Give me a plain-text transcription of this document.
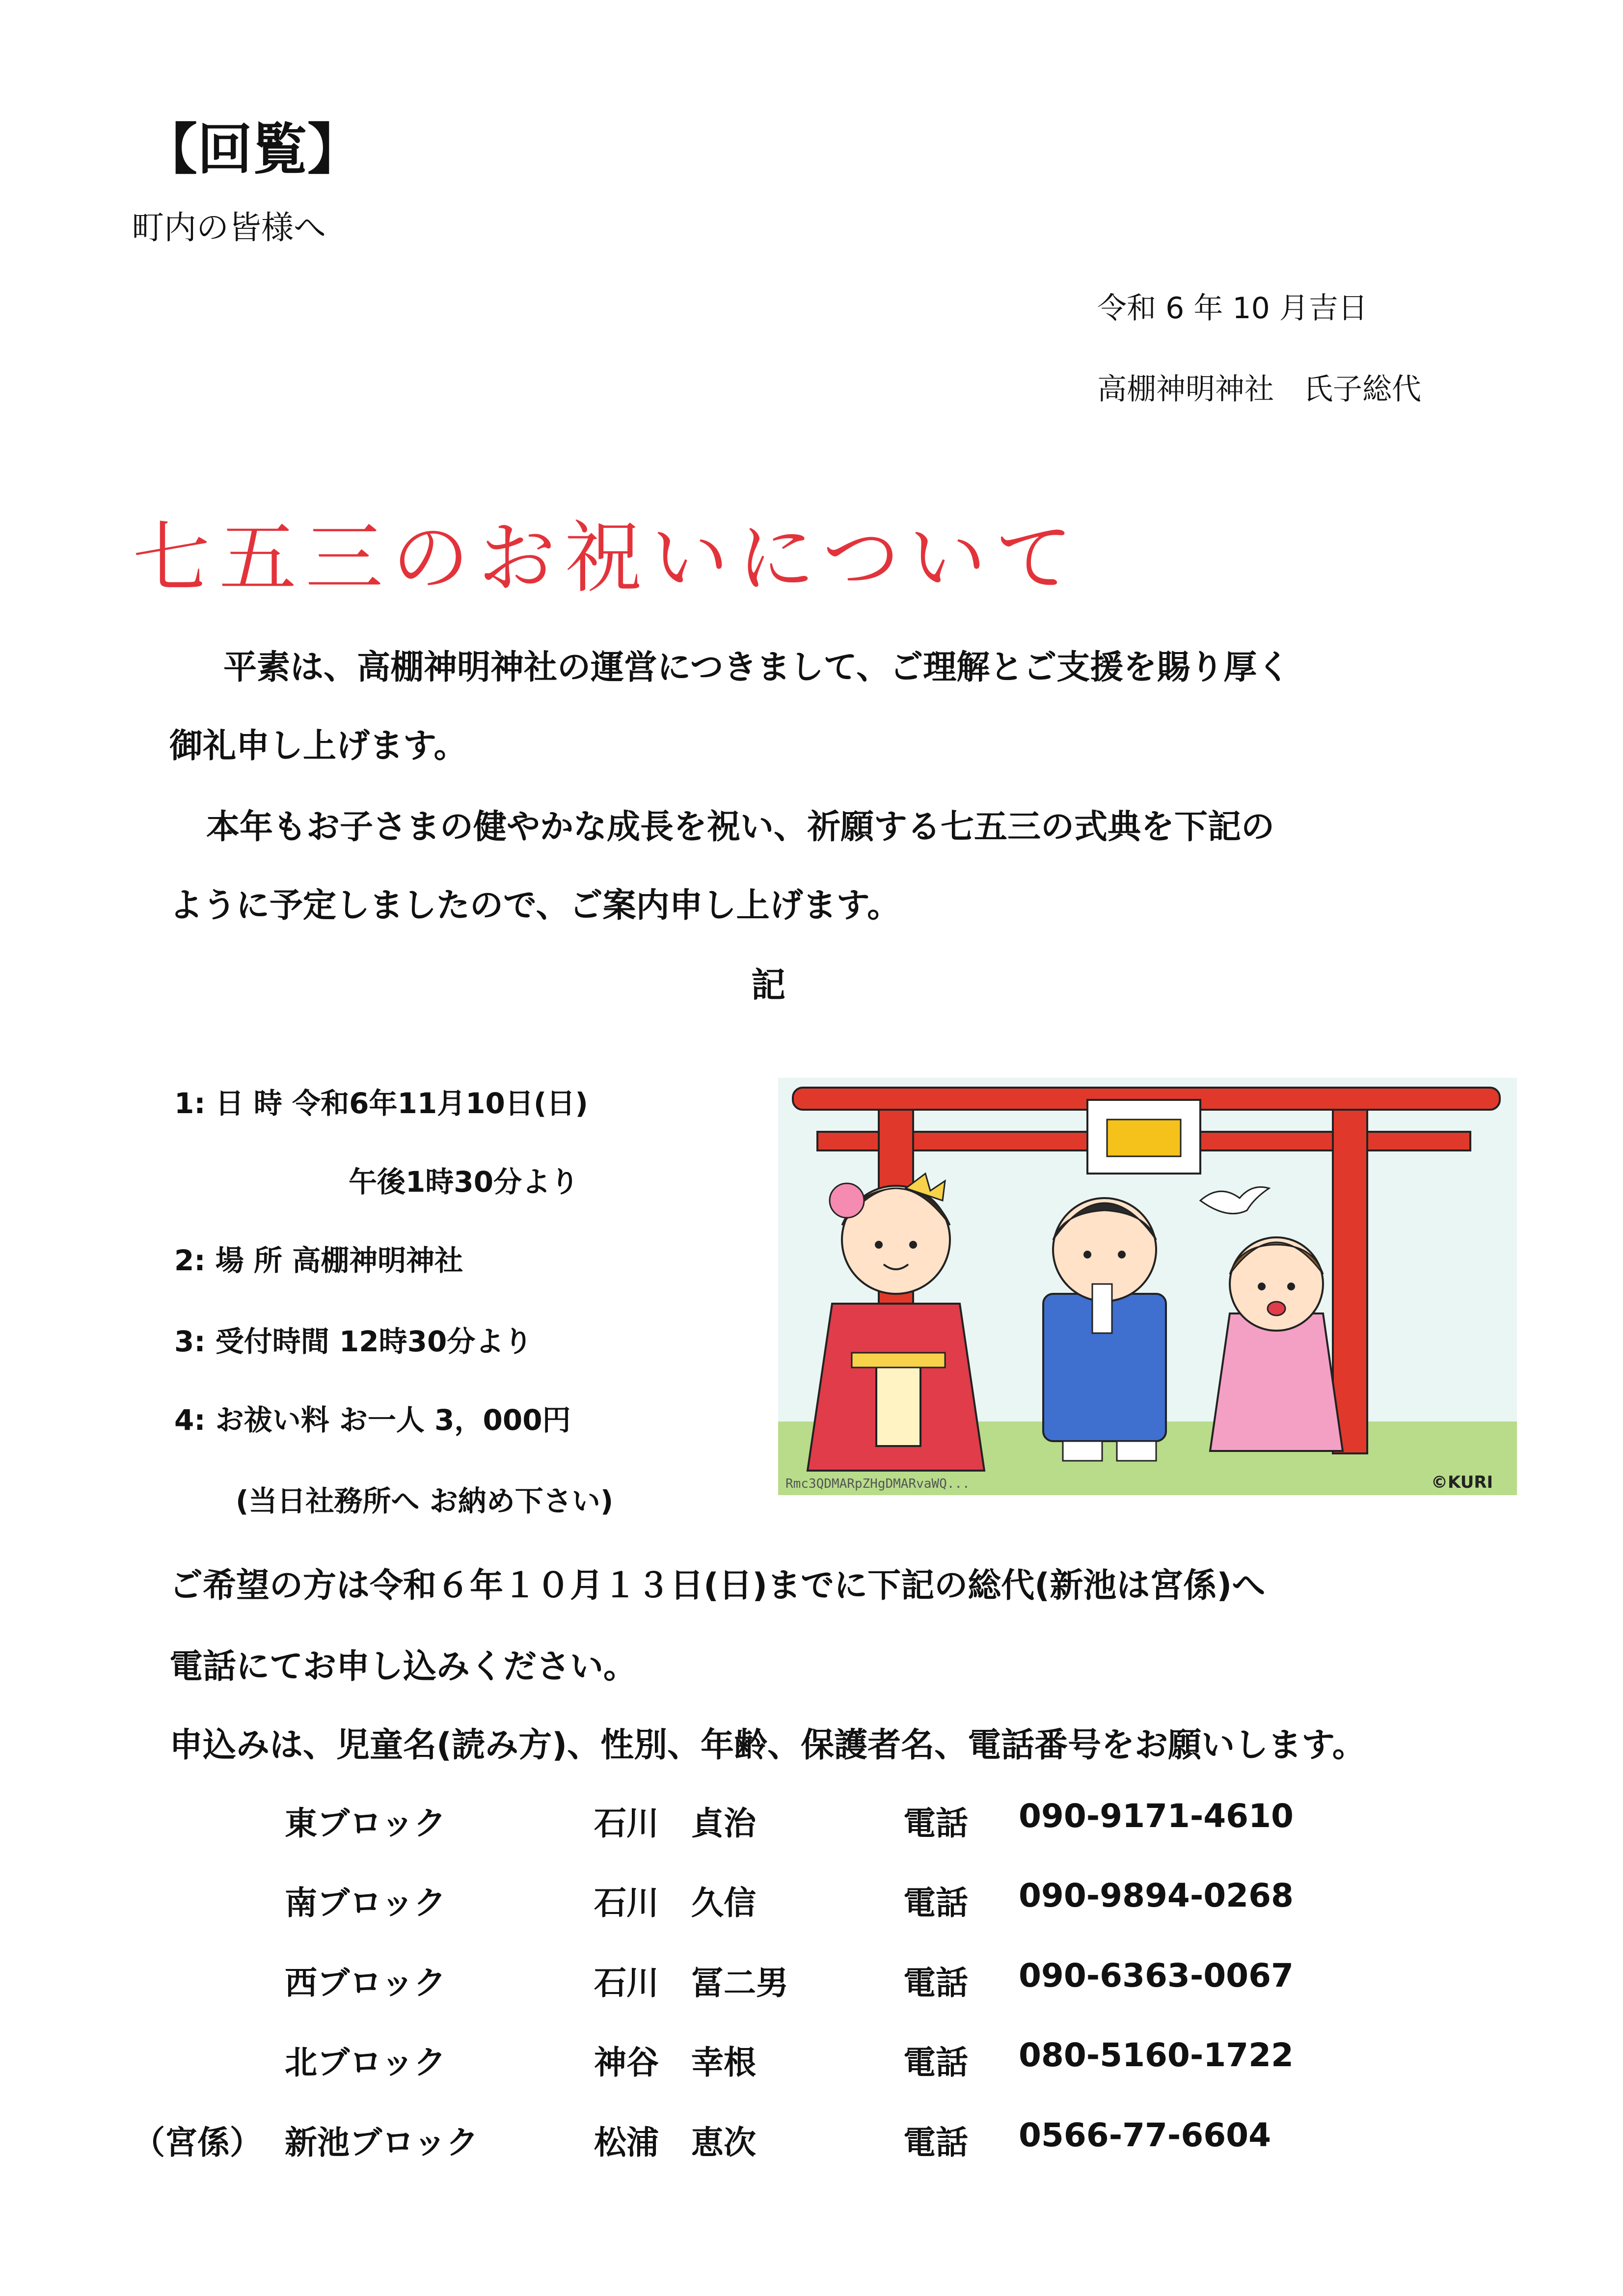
【回覧】
町内の皆様へ
令和 6 年 10 月吉日
高棚神明神社　氏子総代
七五三のお祝いについて
平素は、高棚神明神社の運営につきまして、ご理解とご支援を賜り厚く
御礼申し上げます。
本年もお子さまの健やかな成長を祝い、祈願する七五三の式典を下記の
ように予定しましたので、ご案内申し上げます。
記
1: 日 時 令和6年11月10日(日)
午後1時30分より
2: 場 所 高棚神明神社
3: 受付時間 12時30分より
4: お祓い料 お一人 3，000円
(当日社務所へ お納め下さい)
Rmc3QDMARpZHgDMARvaWQ...	©KURI
ご希望の方は令和６年１０月１３日(日)までに下記の総代(新池は宮係)へ
電話にてお申し込みください。
申込みは、児童名(読み方)、性別、年齢、保護者名、電話番号をお願いします。
東ブロック	石川　貞治	電話 090-9171-4610
南ブロック	石川　久信	電話 090-9894-0268
西ブロック	石川　冨二男	電話 090-6363-0067
北ブロック	神谷　幸根	電話 080-5160-1722
（宮係） 新池ブロック	松浦　恵次	電話 0566-77-6604
